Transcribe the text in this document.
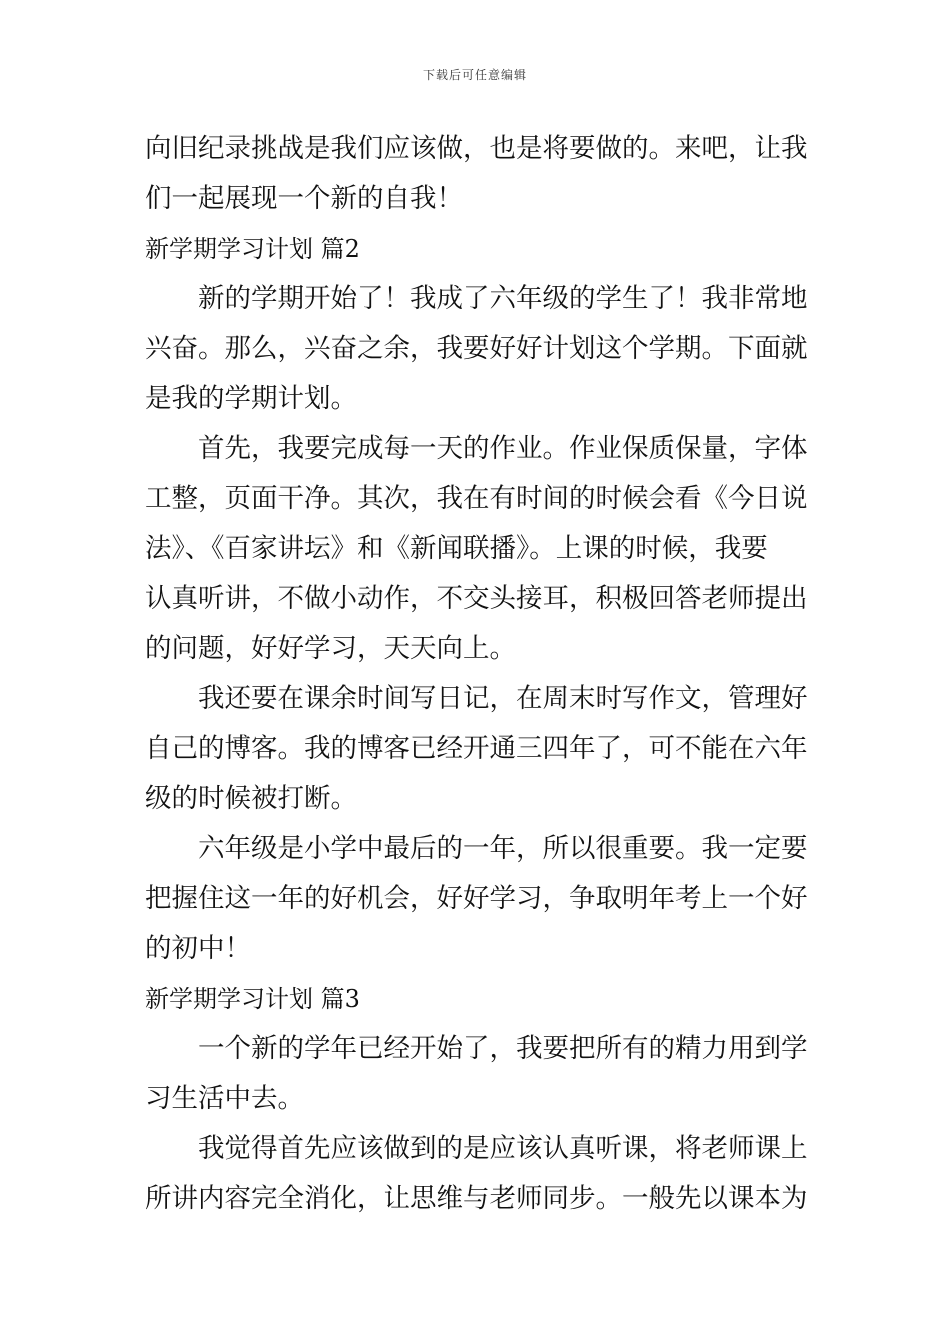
下载后可任意编辑
向旧纪录挑战是我们应该做，也是将要做的。来吧，让我
们一起展现一个新的自我！
新学期学习计划 篇2
新的学期开始了！我成了六年级的学生了！我非常地
兴奋。那么，兴奋之余，我要好好计划这个学期。下面就
是我的学期计划。
首先，我要完成每一天的作业。作业保质保量，字体
工整，页面干净。其次，我在有时间的时候会看《今日说
法》、《百家讲坛》和《新闻联播》。上课的时候，我要
认真听讲，不做小动作，不交头接耳，积极回答老师提出
的问题，好好学习，天天向上。
我还要在课余时间写日记，在周末时写作文，管理好
自己的博客。我的博客已经开通三四年了，可不能在六年
级的时候被打断。
六年级是小学中最后的一年，所以很重要。我一定要
把握住这一年的好机会，好好学习，争取明年考上一个好
的初中！
新学期学习计划 篇3
一个新的学年已经开始了，我要把所有的精力用到学
习生活中去。
我觉得首先应该做到的是应该认真听课，将老师课上
所讲内容完全消化，让思维与老师同步。一般先以课本为
